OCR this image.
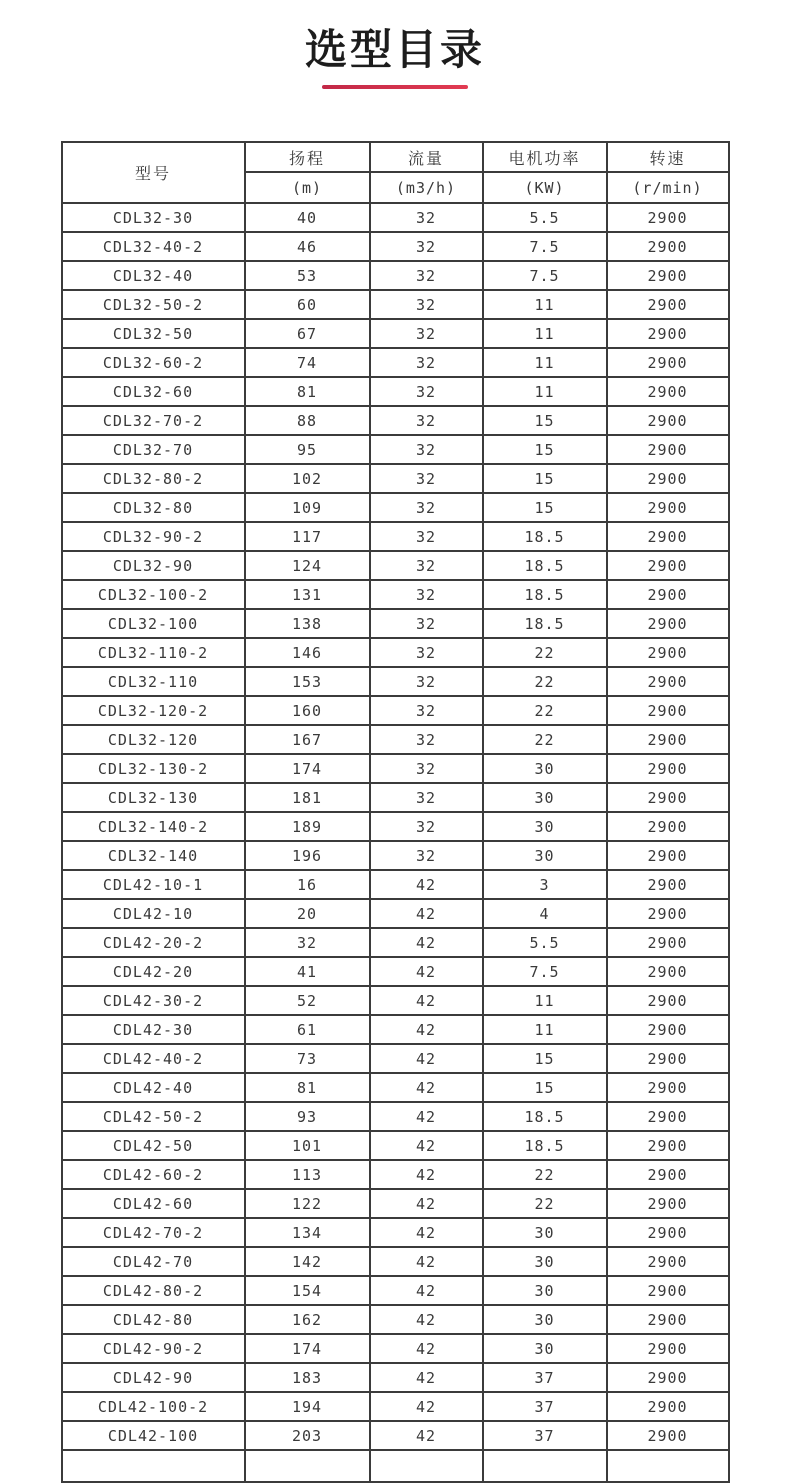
选型目录
型号	扬程	流量	电机功率	转速
	(m)	(m3/h)	(KW)	(r/min)
CDL32-30	40	32	5.5	2900
CDL32-40-2	46	32	7.5	2900
CDL32-40	53	32	7.5	2900
CDL32-50-2	60	32	11	2900
CDL32-50	67	32	11	2900
CDL32-60-2	74	32	11	2900
CDL32-60	81	32	11	2900
CDL32-70-2	88	32	15	2900
CDL32-70	95	32	15	2900
CDL32-80-2	102	32	15	2900
CDL32-80	109	32	15	2900
CDL32-90-2	117	32	18.5	2900
CDL32-90	124	32	18.5	2900
CDL32-100-2	131	32	18.5	2900
CDL32-100	138	32	18.5	2900
CDL32-110-2	146	32	22	2900
CDL32-110	153	32	22	2900
CDL32-120-2	160	32	22	2900
CDL32-120	167	32	22	2900
CDL32-130-2	174	32	30	2900
CDL32-130	181	32	30	2900
CDL32-140-2	189	32	30	2900
CDL32-140	196	32	30	2900
CDL42-10-1	16	42	3	2900
CDL42-10	20	42	4	2900
CDL42-20-2	32	42	5.5	2900
CDL42-20	41	42	7.5	2900
CDL42-30-2	52	42	11	2900
CDL42-30	61	42	11	2900
CDL42-40-2	73	42	15	2900
CDL42-40	81	42	15	2900
CDL42-50-2	93	42	18.5	2900
CDL42-50	101	42	18.5	2900
CDL42-60-2	113	42	22	2900
CDL42-60	122	42	22	2900
CDL42-70-2	134	42	30	2900
CDL42-70	142	42	30	2900
CDL42-80-2	154	42	30	2900
CDL42-80	162	42	30	2900
CDL42-90-2	174	42	30	2900
CDL42-90	183	42	37	2900
CDL42-100-2	194	42	37	2900
CDL42-100	203	42	37	2900
